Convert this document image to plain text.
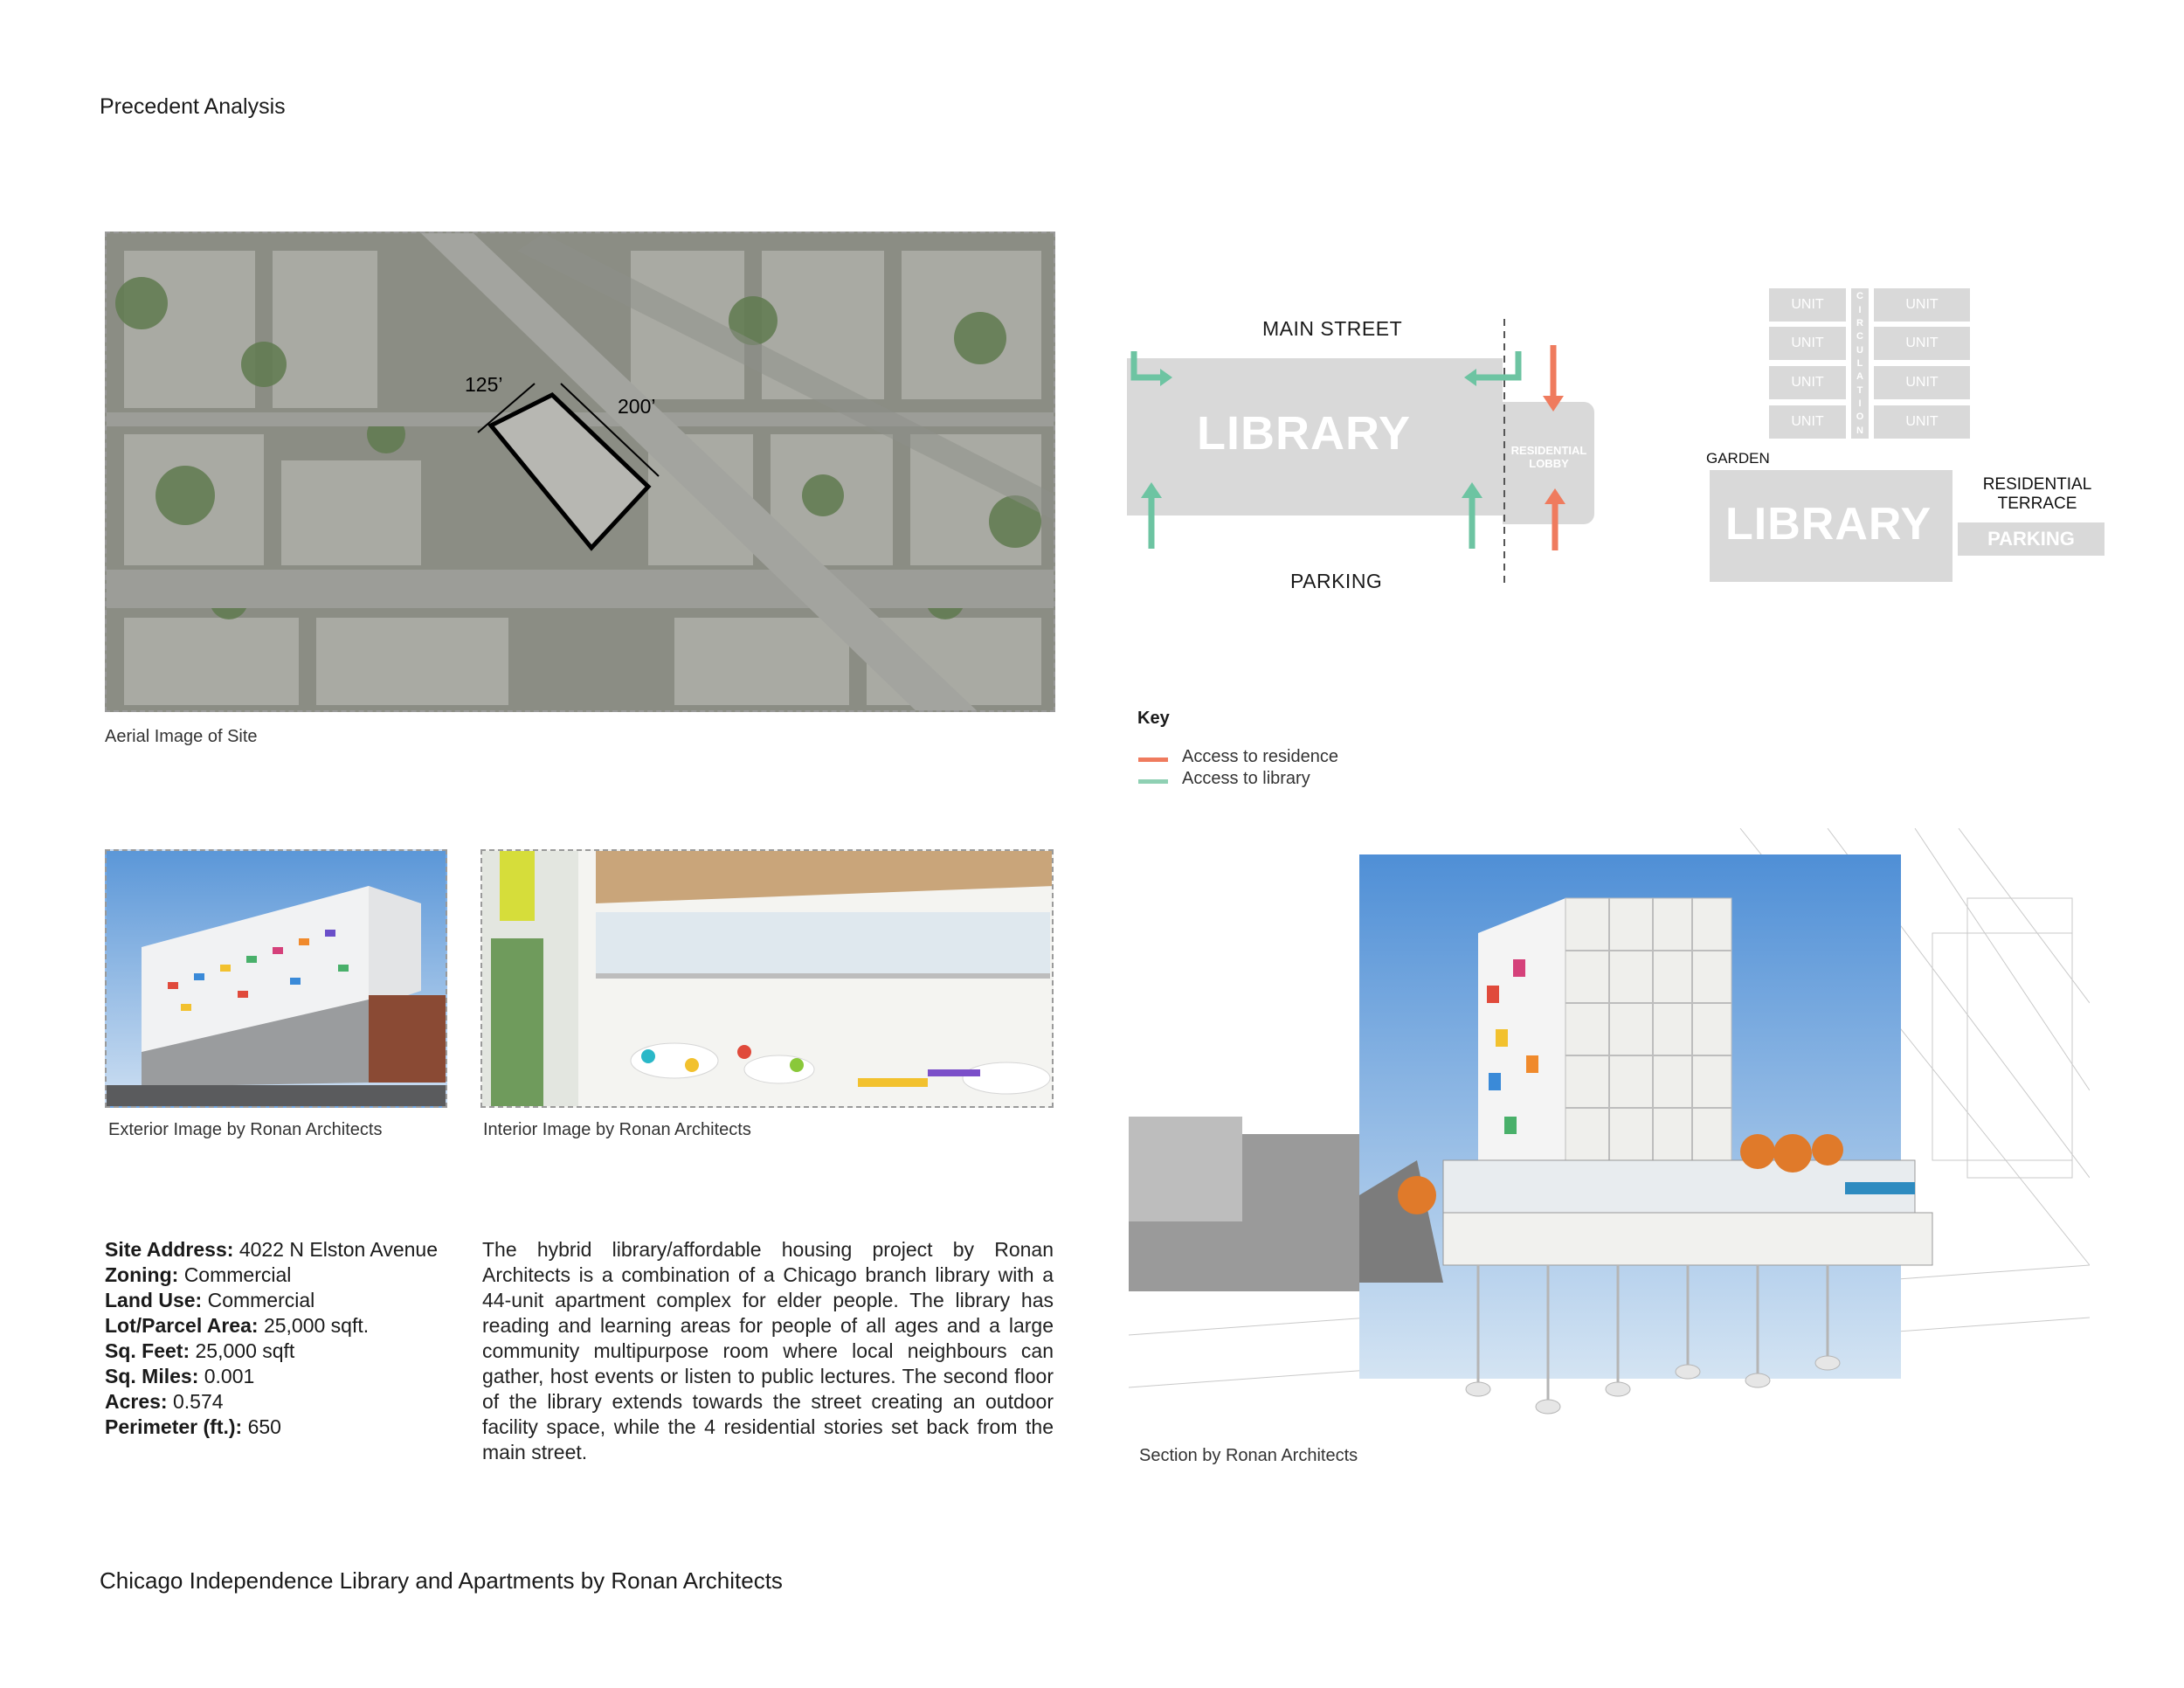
Precedent Analysis
Chicago Independence Library and Apartments by Ronan Architects
125’
200’
Aerial Image of Site
Exterior Image by Ronan Architects	Interior Image by Ronan Architects
Site Address: 4022 N Elston Avenue
Zoning: Commercial
Land Use: Commercial
Lot/Parcel Area: 25,000 sqft.
Sq. Feet: 25,000 sqft
Sq. Miles: 0.001
Acres: 0.574
Perimeter (ft.): 650
The hybrid library/affordable housing project by Ronan Architects is a combination of a Chicago branch library with a 44-unit apartment complex for elder people. The library has reading and learning areas for people of all ages and a large community multipurpose room where local neighbours can gather, host events or listen to public lectures. The second floor of the library extends towards the street creating an outdoor facility space, while the 4 residential stories set back from the main street.
MAIN STREET
LIBRARY	RESIDENTIAL
LOBBY
PARKING
UNIT
UNIT
UNIT
UNIT
C
I
R
C
U
L
A
T
I
O
N
UNIT
UNIT
UNIT
UNIT
GARDEN
LIBRARY
RESIDENTIAL
TERRACE
PARKING
Key
Access to residence
Access to library
Section by Ronan Architects
